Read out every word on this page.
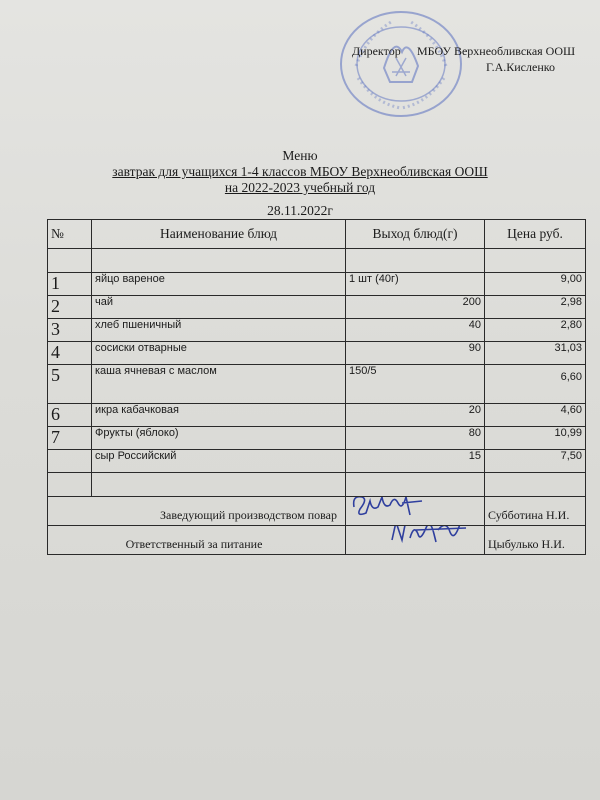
Директор МБОУ Верхнеобливская ООШ
Г.А.Кисленко
Меню
завтрак для учащихся 1-4 классов МБОУ Верхнеобливская ООШ
на 2022-2023 учебный год
28.11.2022г
№	Наименование блюд	Выход блюд(г)	Цена руб.

1	яйцо вареное	1 шт (40г)	9,00
2	чай	200	2,98
3	хлеб пшеничный	40	2,80
4	сосиски отварные	90	31,03
5	каша ячневая с маслом	150/5	6,60
6	икра кабачковая	20	4,60
7	Фрукты (яблоко)	80	10,99
	сыр Российский	15	7,50

Заведующий производством повар			Субботина Н.И.
Ответственный за питание			Цыбулько Н.И.
